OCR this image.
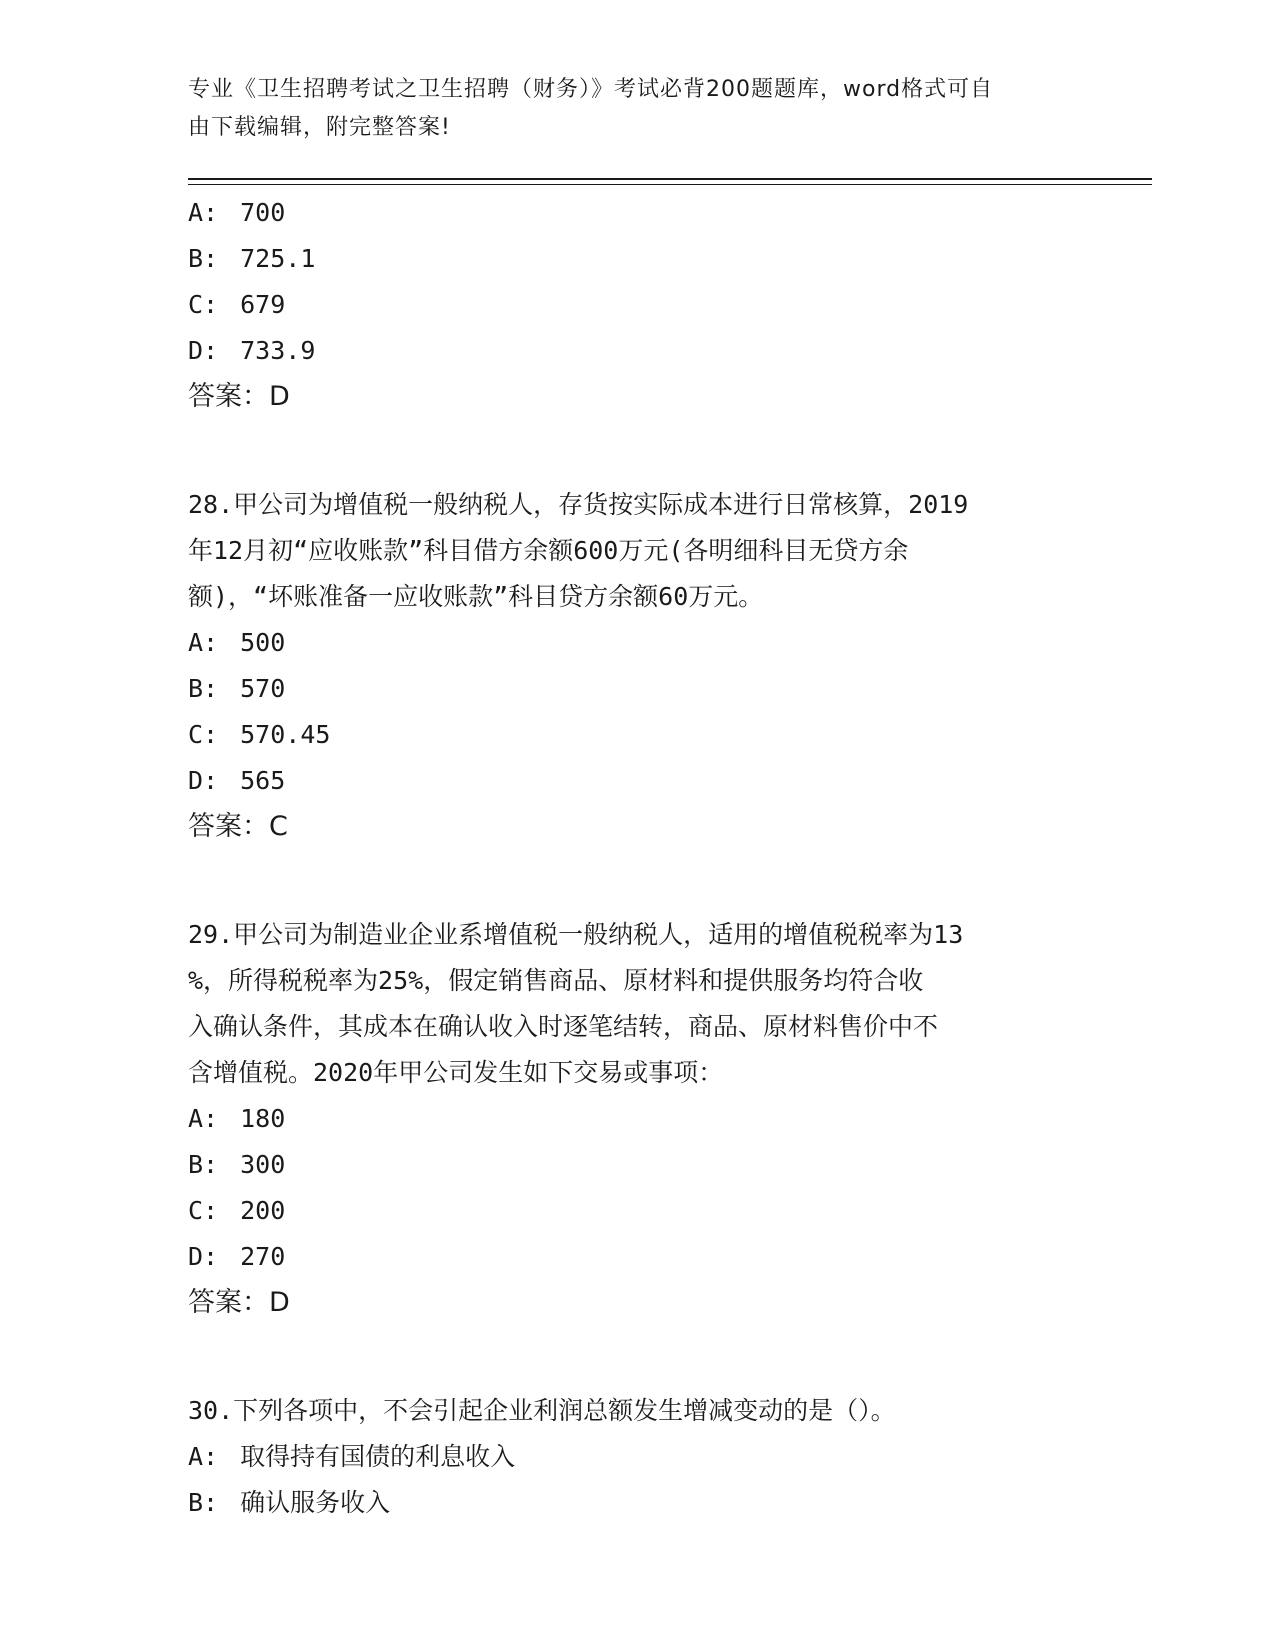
专业《卫生招聘考试之卫生招聘（财务）》考试必背200题题库，word格式可自
由下载编辑，附完整答案!
A: 700
B: 725.1
C: 679
D: 733.9
答案：D
28.甲公司为增值税一般纳税人，存货按实际成本进行日常核算，2019
年12月初“应收账款”科目借方余额600万元(各明细科目无贷方余
额)，“坏账准备一应收账款”科目贷方余额60万元。
A: 500
B: 570
C: 570.45
D: 565
答案：C
29.甲公司为制造业企业系增值税一般纳税人，适用的增值税税率为13
%，所得税税率为25%，假定销售商品、原材料和提供服务均符合收
入确认条件，其成本在确认收入时逐笔结转，商品、原材料售价中不
含增值税。2020年甲公司发生如下交易或事项：
A: 180
B: 300
C: 200
D: 270
答案：D
30.下列各项中，不会引起企业利润总额发生增减变动的是（）。
A: 取得持有国债的利息收入
B: 确认服务收入
